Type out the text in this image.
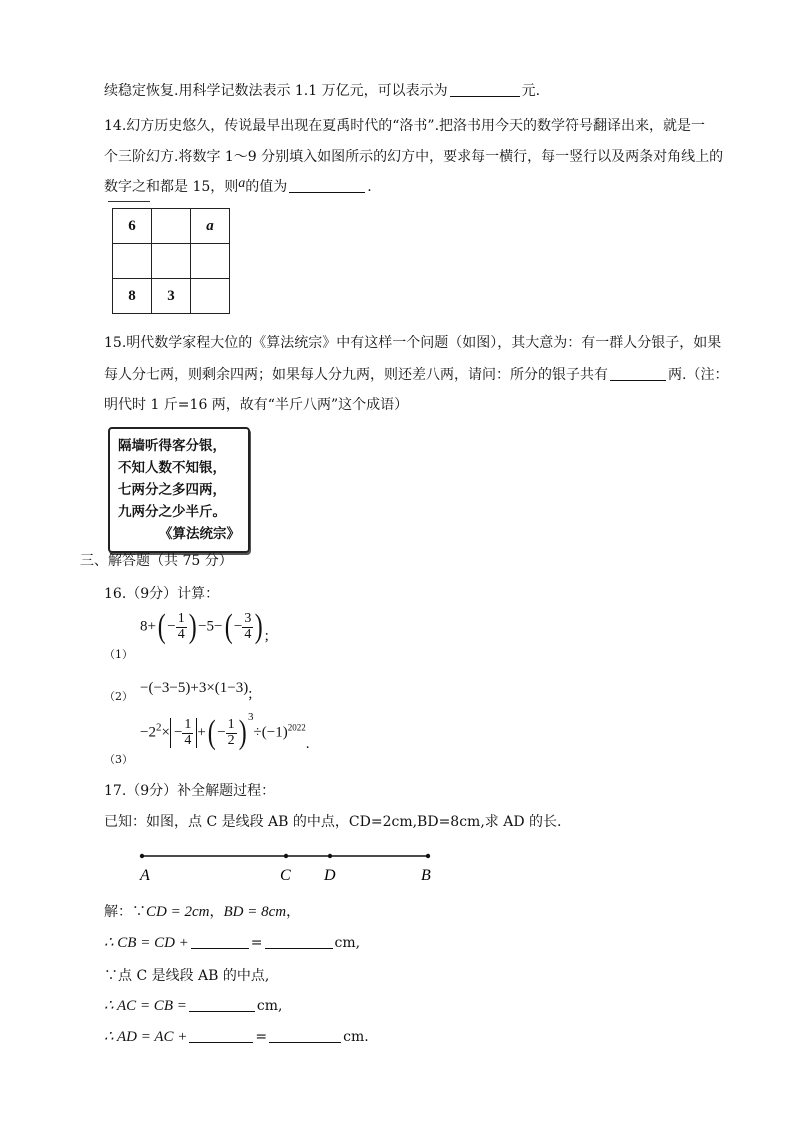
续稳定恢复.用科学记数法表示 1.1 万亿元，可以表示为	元.
14.幻方历史悠久，传说最早出现在夏禹时代的“洛书”.把洛书用今天的数学符号翻译出来，就是一
个三阶幻方.将数字 1～9 分别填入如图所示的幻方中，要求每一横行，每一竖行以及两条对角线上的
数字之和都是 15，则a的值为	.
6		a

8	3	
15.明代数学家程大位的《算法统宗》中有这样一个问题（如图），其大意为：有一群人分银子，如果
每人分七两，则剩余四两；如果每人分九两，则还差八两，请问：所分的银子共有	两.（注：
明代时 1 斤=16 两，故有“半斤八两”这个成语）
隔墙听得客分银，
不知人数不知银，
七两分之多四两，
九两分之少半斤。
《算法统宗》
三、解答题（共 75 分）
16.（9分）计算：
（1）
$8+( - \frac{1}{4}$ ) $-5-( - \frac{3}{4}$ ) ;
（2）
−(−3−5)+3×(1−3);
（3）
$-2^2\times - \frac{1}{4}$ +( − $\frac{1}{2}$ ) $^3\div(-1)^{2022}$.
17.（9分）补全解题过程：
已知：如图，点 C 是线段 AB 的中点，CD=2cm,BD=8cm,求 AD 的长.
A	C D	B
解：∵CD = 2cm，BD = 8cm，
∴ CB = CD +	=	cm,
∵点 C 是线段 AB 的中点,
∴ AC = CB =	cm,
∴ AD = AC +	=	cm.
